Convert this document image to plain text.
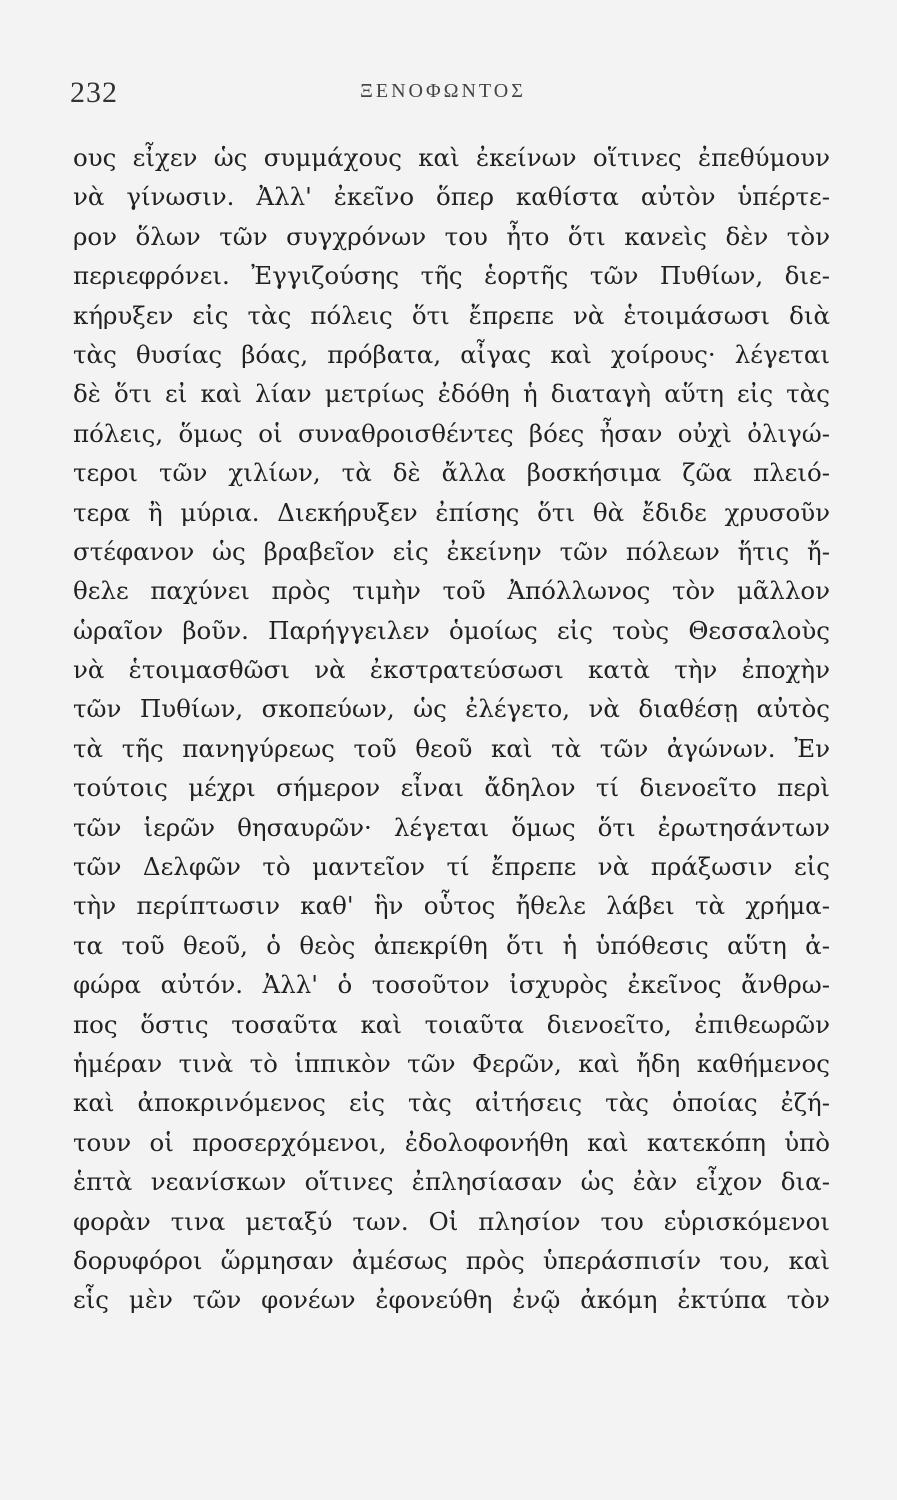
232	ΞΕΝΟΦΩΝΤΟΣ
ους εἶχεν ὡς συμμάχους καὶ ἐκείνων οἵτινες ἐπεθύμουν
νὰ γίνωσιν. Ἀλλ' ἐκεῖνο ὅπερ καθίστα αὐτὸν ὑπέρτε-
ρον ὅλων τῶν συγχρόνων του ἦτο ὅτι κανεὶς δὲν τὸν
περιεφρόνει. Ἐγγιζούσης τῆς ἑορτῆς τῶν Πυθίων, διε-
κήρυξεν εἰς τὰς πόλεις ὅτι ἔπρεπε νὰ ἑτοιμάσωσι διὰ
τὰς θυσίας βόας, πρόβατα, αἶγας καὶ χοίρους· λέγεται
δὲ ὅτι εἰ καὶ λίαν μετρίως ἐδόθη ἡ διαταγὴ αὕτη εἰς τὰς
πόλεις, ὅμως οἱ συναθροισθέντες βόες ἦσαν οὐχὶ ὀλιγώ-
τεροι τῶν χιλίων, τὰ δὲ ἄλλα βοσκήσιμα ζῶα πλειό-
τερα ἢ μύρια. Διεκήρυξεν ἐπίσης ὅτι θὰ ἔδιδε χρυσοῦν
στέφανον ὡς βραβεῖον εἰς ἐκείνην τῶν πόλεων ἥτις ἤ-
θελε παχύνει πρὸς τιμὴν τοῦ Ἀπόλλωνος τὸν μᾶλλον
ὡραῖον βοῦν. Παρήγγειλεν ὁμοίως εἰς τοὺς Θεσσαλοὺς
νὰ ἑτοιμασθῶσι νὰ ἐκστρατεύσωσι κατὰ τὴν ἐποχὴν
τῶν Πυθίων, σκοπεύων, ὡς ἐλέγετο, νὰ διαθέσῃ αὐτὸς
τὰ τῆς πανηγύρεως τοῦ θεοῦ καὶ τὰ τῶν ἀγώνων. Ἐν
τούτοις μέχρι σήμερον εἶναι ἄδηλον τί διενοεῖτο περὶ
τῶν ἱερῶν θησαυρῶν· λέγεται ὅμως ὅτι ἐρωτησάντων
τῶν Δελφῶν τὸ μαντεῖον τί ἔπρεπε νὰ πράξωσιν εἰς
τὴν περίπτωσιν καθ' ἣν οὗτος ἤθελε λάβει τὰ χρήμα-
τα τοῦ θεοῦ, ὁ θεὸς ἀπεκρίθη ὅτι ἡ ὑπόθεσις αὕτη ἀ-
φώρα αὐτόν. Ἀλλ' ὁ τοσοῦτον ἰσχυρὸς ἐκεῖνος ἄνθρω-
πος ὅστις τοσαῦτα καὶ τοιαῦτα διενοεῖτο, ἐπιθεωρῶν
ἡμέραν τινὰ τὸ ἱππικὸν τῶν Φερῶν, καὶ ἤδη καθήμενος
καὶ ἀποκρινόμενος εἰς τὰς αἰτήσεις τὰς ὁποίας ἐζή-
τουν οἱ προσερχόμενοι, ἐδολοφονήθη καὶ κατεκόπη ὑπὸ
ἑπτὰ νεανίσκων οἵτινες ἐπλησίασαν ὡς ἐὰν εἶχον δια-
φορὰν τινα μεταξύ των. Οἱ πλησίον του εὑρισκόμενοι
δορυφόροι ὥρμησαν ἀμέσως πρὸς ὑπεράσπισίν του, καὶ
εἷς μὲν τῶν φονέων ἐφονεύθη ἐνῷ ἀκόμη ἐκτύπα τὸν
